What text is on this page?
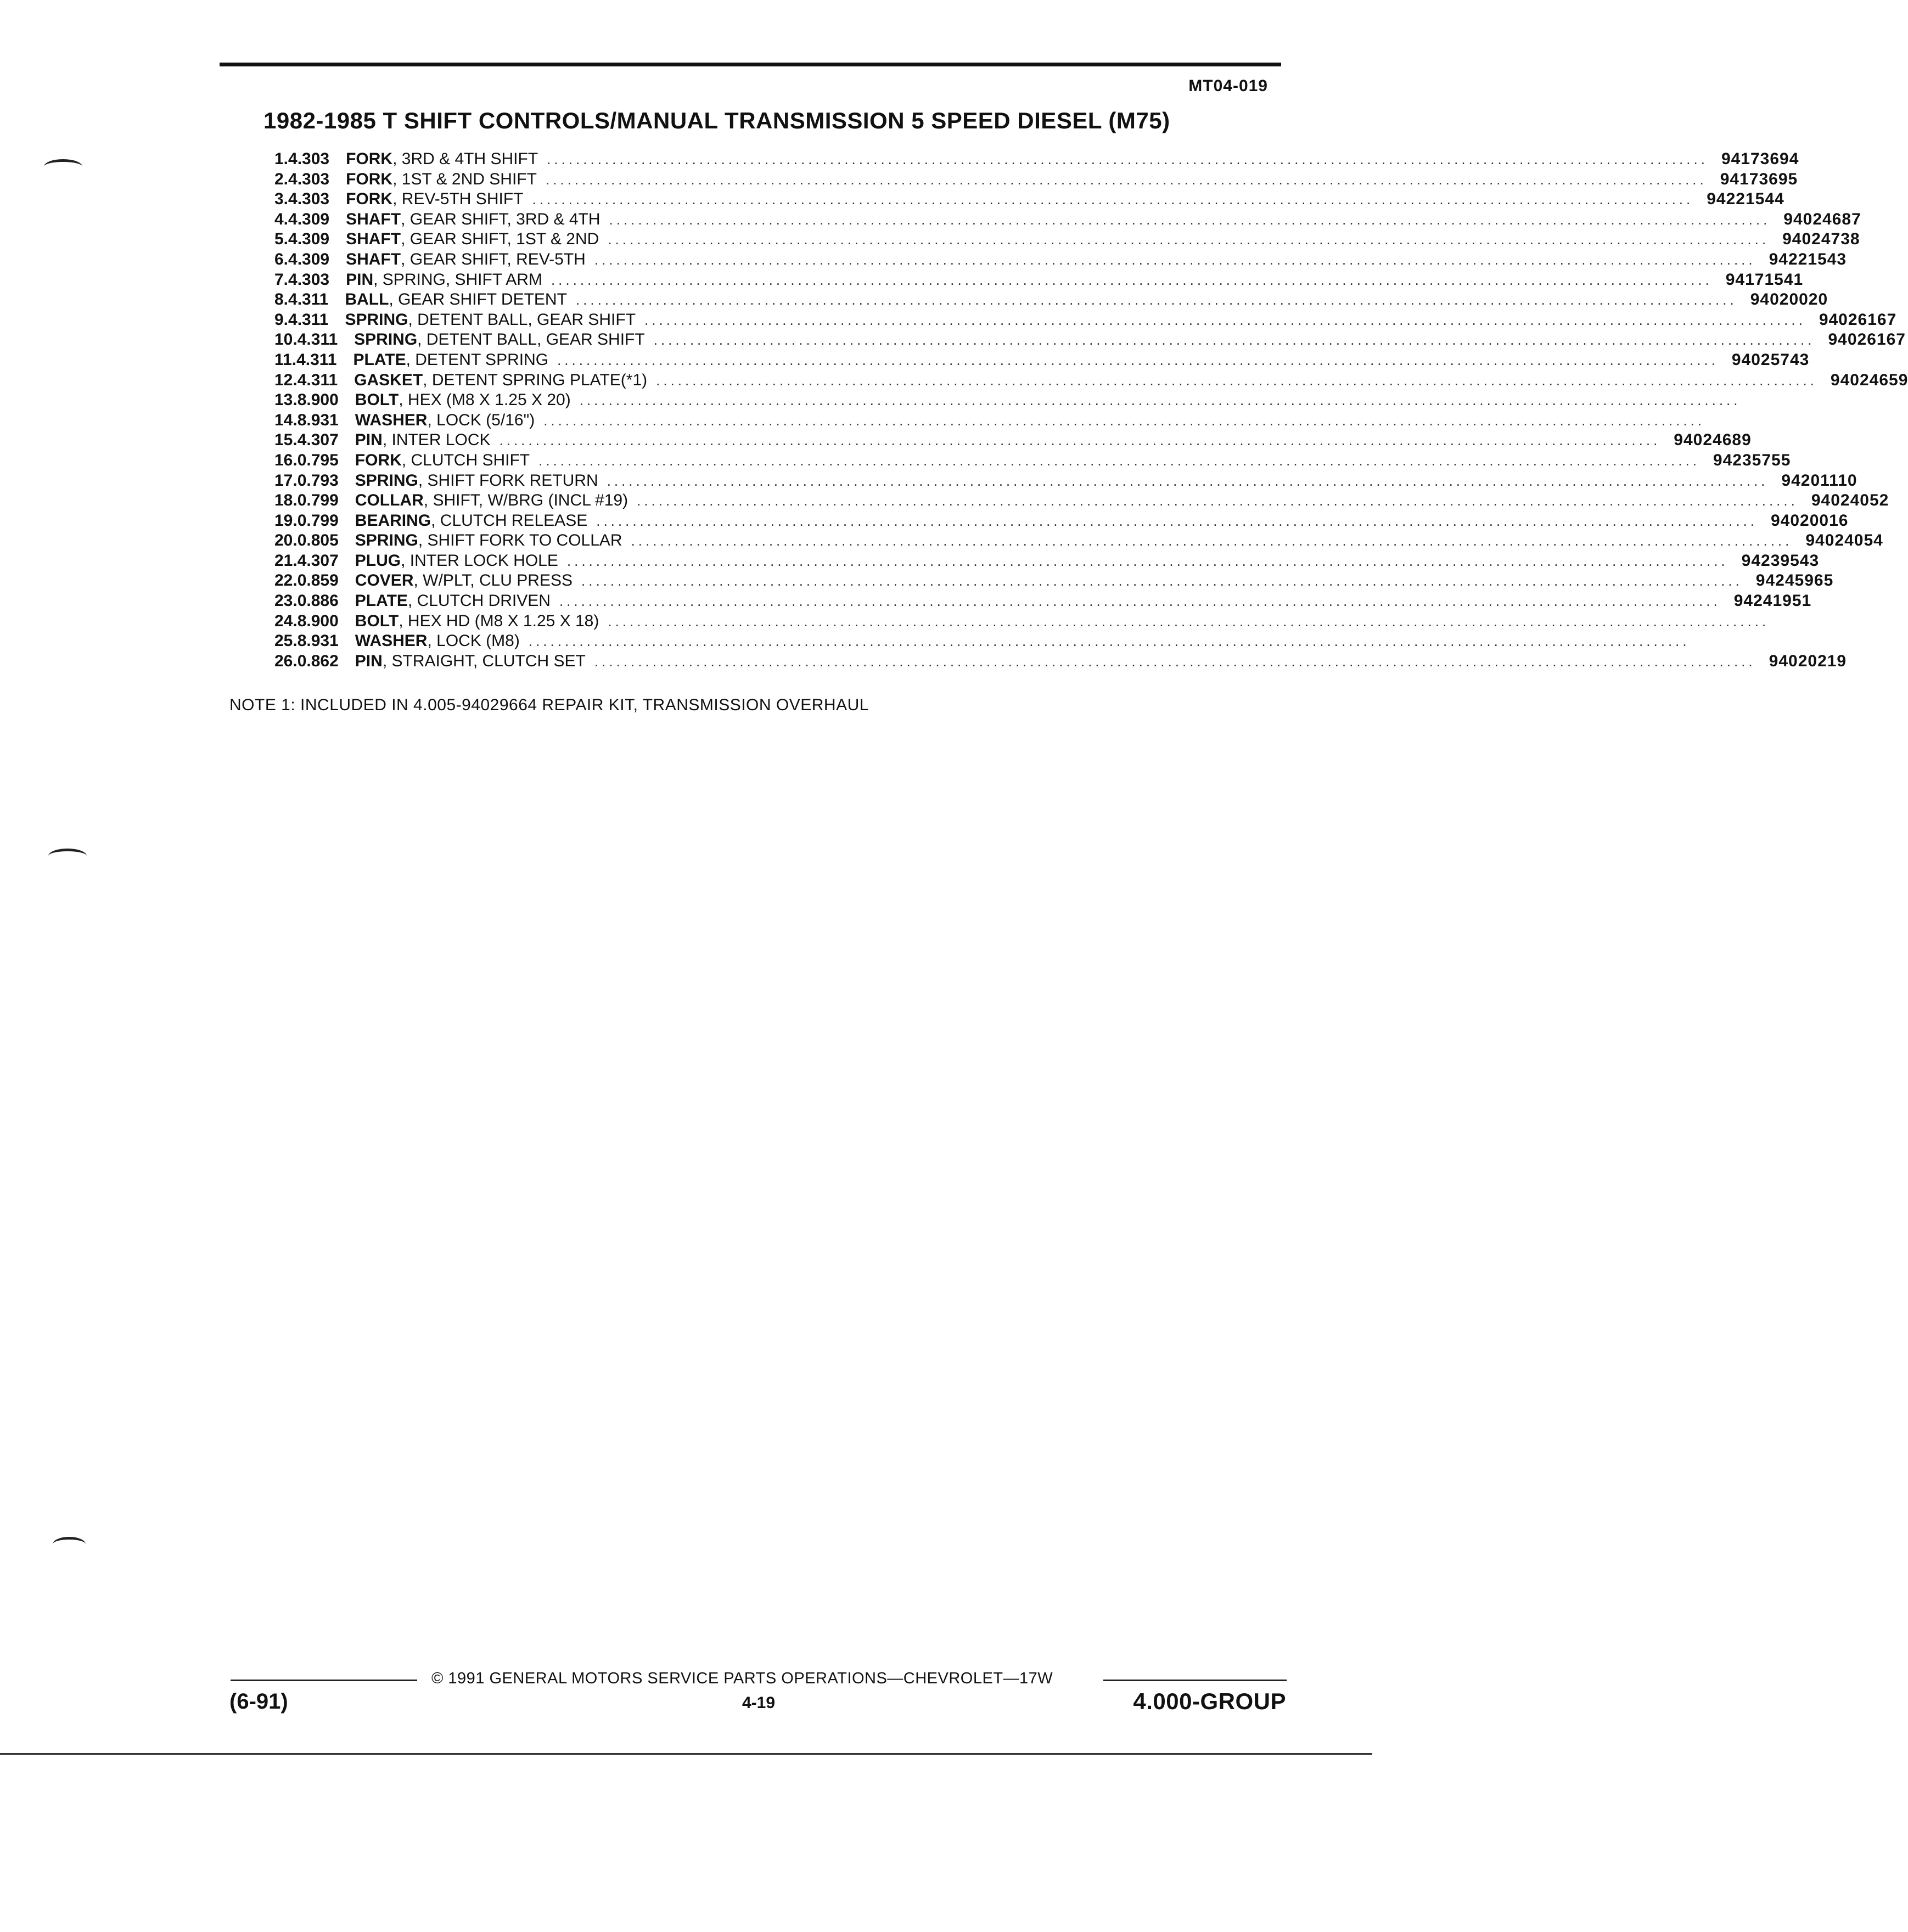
MT04-019
1982-1985 T SHIFT CONTROLS/MANUAL TRANSMISSION 5 SPEED DIESEL (M75)
1. 4.303 FORK, 3RD & 4TH SHIFT ................................................................................................................................................................ 94173694
2. 4.303 FORK, 1ST & 2ND SHIFT ................................................................................................................................................................ 94173695
3. 4.303 FORK, REV-5TH SHIFT ................................................................................................................................................................ 94221544
4. 4.309 SHAFT, GEAR SHIFT, 3RD & 4TH ................................................................................................................................................................ 94024687
5. 4.309 SHAFT, GEAR SHIFT, 1ST & 2ND ................................................................................................................................................................ 94024738
6. 4.309 SHAFT, GEAR SHIFT, REV-5TH ................................................................................................................................................................ 94221543
7. 4.303 PIN, SPRING, SHIFT ARM ................................................................................................................................................................ 94171541
8. 4.311 BALL, GEAR SHIFT DETENT ................................................................................................................................................................ 94020020
9. 4.311 SPRING, DETENT BALL, GEAR SHIFT ................................................................................................................................................................ 94026167
10. 4.311 SPRING, DETENT BALL, GEAR SHIFT ................................................................................................................................................................ 94026167
11. 4.311 PLATE, DETENT SPRING ................................................................................................................................................................ 94025743
12. 4.311 GASKET, DETENT SPRING PLATE(*1) ................................................................................................................................................................ 94024659
13. 8.900 BOLT, HEX (M8 X 1.25 X 20) ................................................................................................................................................................
14. 8.931 WASHER, LOCK (5/16") ................................................................................................................................................................
15. 4.307 PIN, INTER LOCK ................................................................................................................................................................ 94024689
16. 0.795 FORK, CLUTCH SHIFT ................................................................................................................................................................ 94235755
17. 0.793 SPRING, SHIFT FORK RETURN ................................................................................................................................................................ 94201110
18. 0.799 COLLAR, SHIFT, W/BRG (INCL #19) ................................................................................................................................................................ 94024052
19. 0.799 BEARING, CLUTCH RELEASE ................................................................................................................................................................ 94020016
20. 0.805 SPRING, SHIFT FORK TO COLLAR ................................................................................................................................................................ 94024054
21. 4.307 PLUG, INTER LOCK HOLE ................................................................................................................................................................ 94239543
22. 0.859 COVER, W/PLT, CLU PRESS ................................................................................................................................................................ 94245965
23. 0.886 PLATE, CLUTCH DRIVEN ................................................................................................................................................................ 94241951
24. 8.900 BOLT, HEX HD (M8 X 1.25 X 18) ................................................................................................................................................................
25. 8.931 WASHER, LOCK (M8) ................................................................................................................................................................
26. 0.862 PIN, STRAIGHT, CLUTCH SET ................................................................................................................................................................ 94020219
NOTE 1: INCLUDED IN 4.005-94029664 REPAIR KIT, TRANSMISSION OVERHAUL
© 1991 GENERAL MOTORS SERVICE PARTS OPERATIONS—CHEVROLET—17W
(6-91)	4-19	4.000-GROUP
